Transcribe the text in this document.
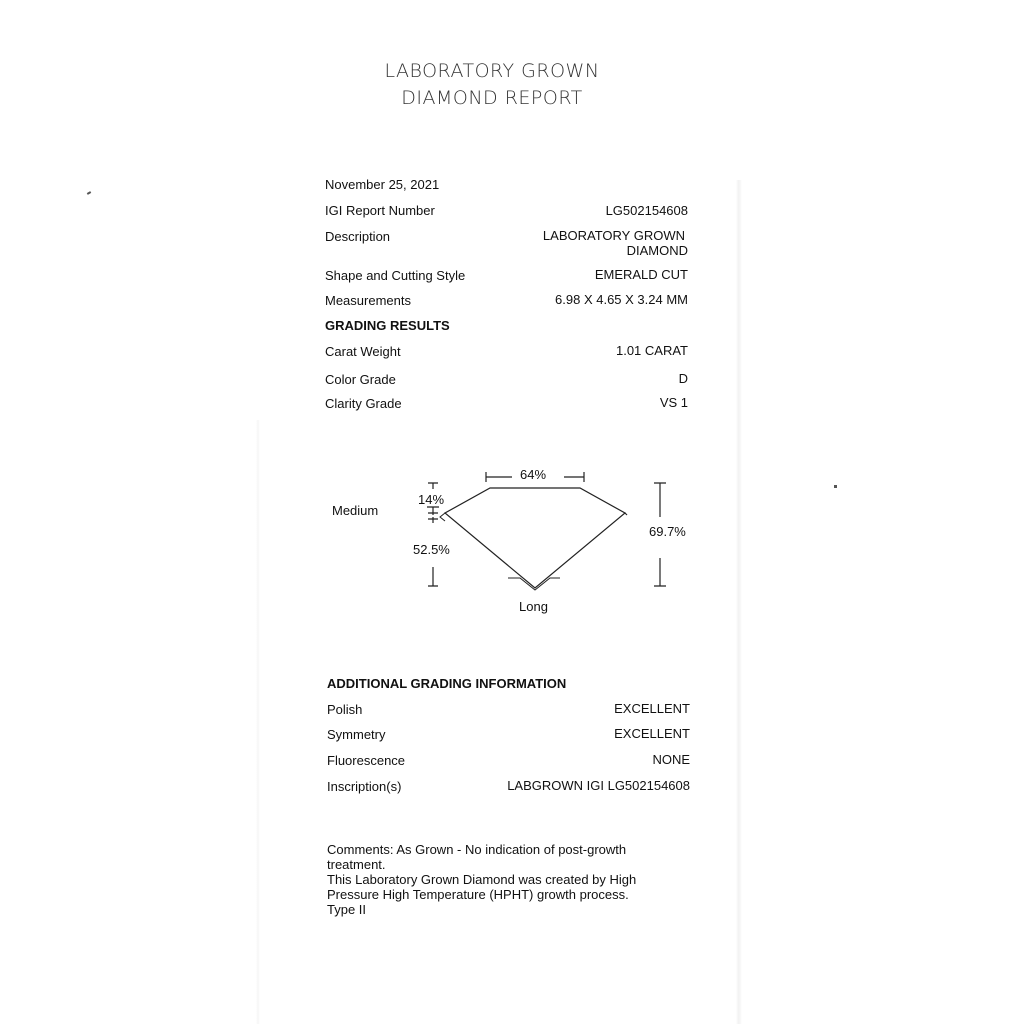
LABORATORY GROWN
DIAMOND REPORT
November 25, 2021
IGI Report Number	LG502154608
Description	LABORATORY GROWN
DIAMOND
Shape and Cutting Style	EMERALD CUT
Measurements	6.98 X 4.65 X 3.24 MM
GRADING RESULTS
Carat Weight	1.01 CARAT
Color Grade	D
Clarity Grade	VS 1
64%
14%
52.5%
69.7%
Medium
Long
ADDITIONAL GRADING INFORMATION
Polish	EXCELLENT
Symmetry	EXCELLENT
Fluorescence	NONE
Inscription(s)	LABGROWN IGI LG502154608
Comments: As Grown - No indication of post-growth
treatment.
This Laboratory Grown Diamond was created by High
Pressure High Temperature (HPHT) growth process.
Type II
